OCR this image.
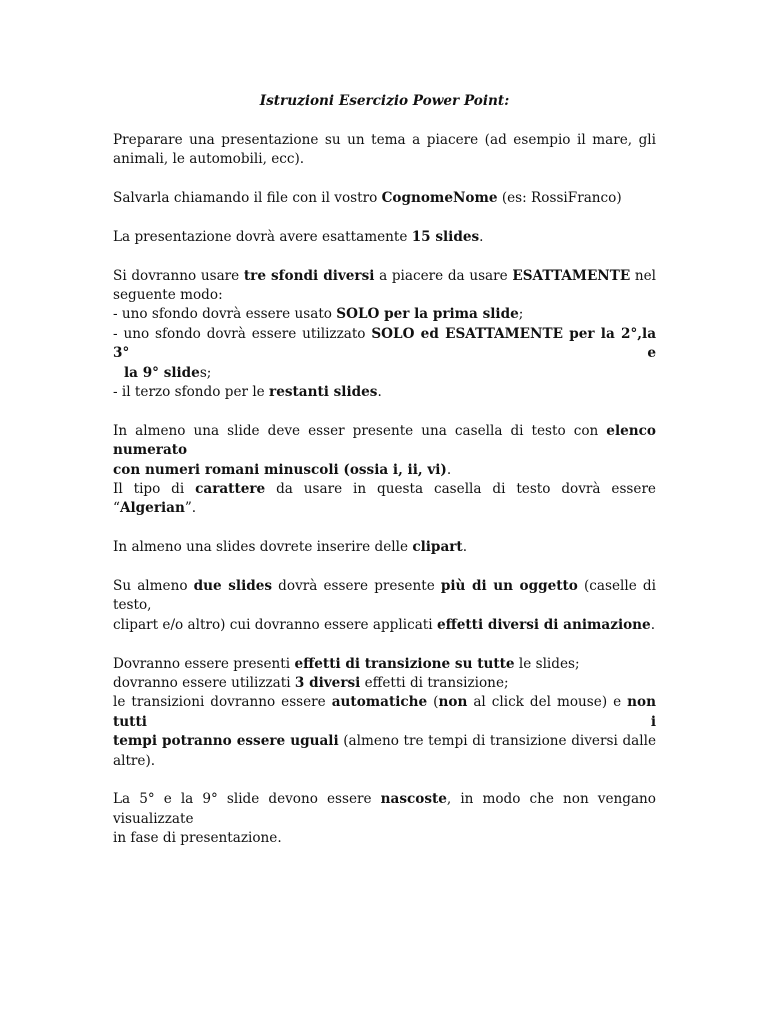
Istruzioni Esercizio Power Point:
Preparare una presentazione su un tema a piacere (ad esempio il mare, gli animali, le automobili, ecc).
Salvarla chiamando il file con il vostro CognomeNome (es: RossiFranco)
La presentazione dovrà avere esattamente 15 slides.
Si dovranno usare tre sfondi diversi a piacere da usare ESATTAMENTE nel
seguente modo:
- uno sfondo dovrà essere usato SOLO per la prima slide;
- uno sfondo dovrà essere utilizzato SOLO ed ESATTAMENTE per la 2°,la 3° e
la 9° slides;
- il terzo sfondo per le restanti slides.
In almeno una slide deve esser presente una casella di testo con elenco numerato
con numeri romani minuscoli (ossia i, ii, vi).
Il tipo di carattere da usare in questa casella di testo dovrà essere “Algerian”.
In almeno una slides dovrete inserire delle clipart.
Su almeno due slides dovrà essere presente più di un oggetto (caselle di testo,
clipart e/o altro) cui dovranno essere applicati effetti diversi di animazione.
Dovranno essere presenti effetti di transizione su tutte le slides;
dovranno essere utilizzati 3 diversi effetti di transizione;
le transizioni dovranno essere automatiche (non al click del mouse) e non tutti i
tempi potranno essere uguali (almeno tre tempi di transizione diversi dalle
altre).
La 5° e la 9° slide devono essere nascoste, in modo che non vengano visualizzate
in fase di presentazione.
